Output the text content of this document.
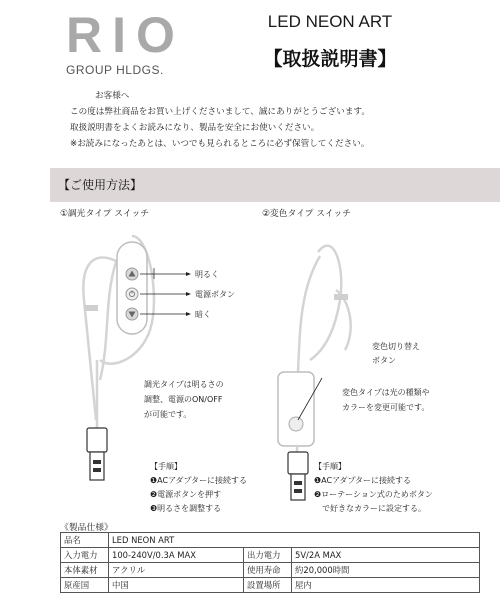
RIO
GROUP HLDGS.
LED NEON ART
【取扱説明書】
お客様へ
この度は弊社商品をお買い上げくださいまして、誠にありがとうございます。
取扱説明書をよくお読みになり、製品を安全にお使いください。
※お読みになったあとは、いつでも見られるところに必ず保管してください。
【ご使用方法】
①調光タイプ スイッチ	②変色タイプ スイッチ
明るく
電源ボタン
暗く
調光タイプは明るさの
調整、電源のON/OFF
が可能です。
【手順】
❶ACアダプターに接続する
❷電源ボタンを押す
❸明るさを調整する
変色切り替え
ボタン
変色タイプは光の種類や
カラーを変更可能です。
【手順】
❶ACアダプターに接続する
❷ローテーション式のためボタン
で好きなカラーに設定する。
《製品仕様》
品名	LED NEON ART		
入力電力	100-240V/0.3A MAX	出力電力	5V/2A MAX
本体素材	アクリル	使用寿命	約20,000時間
原産国	中国	設置場所	屋内
